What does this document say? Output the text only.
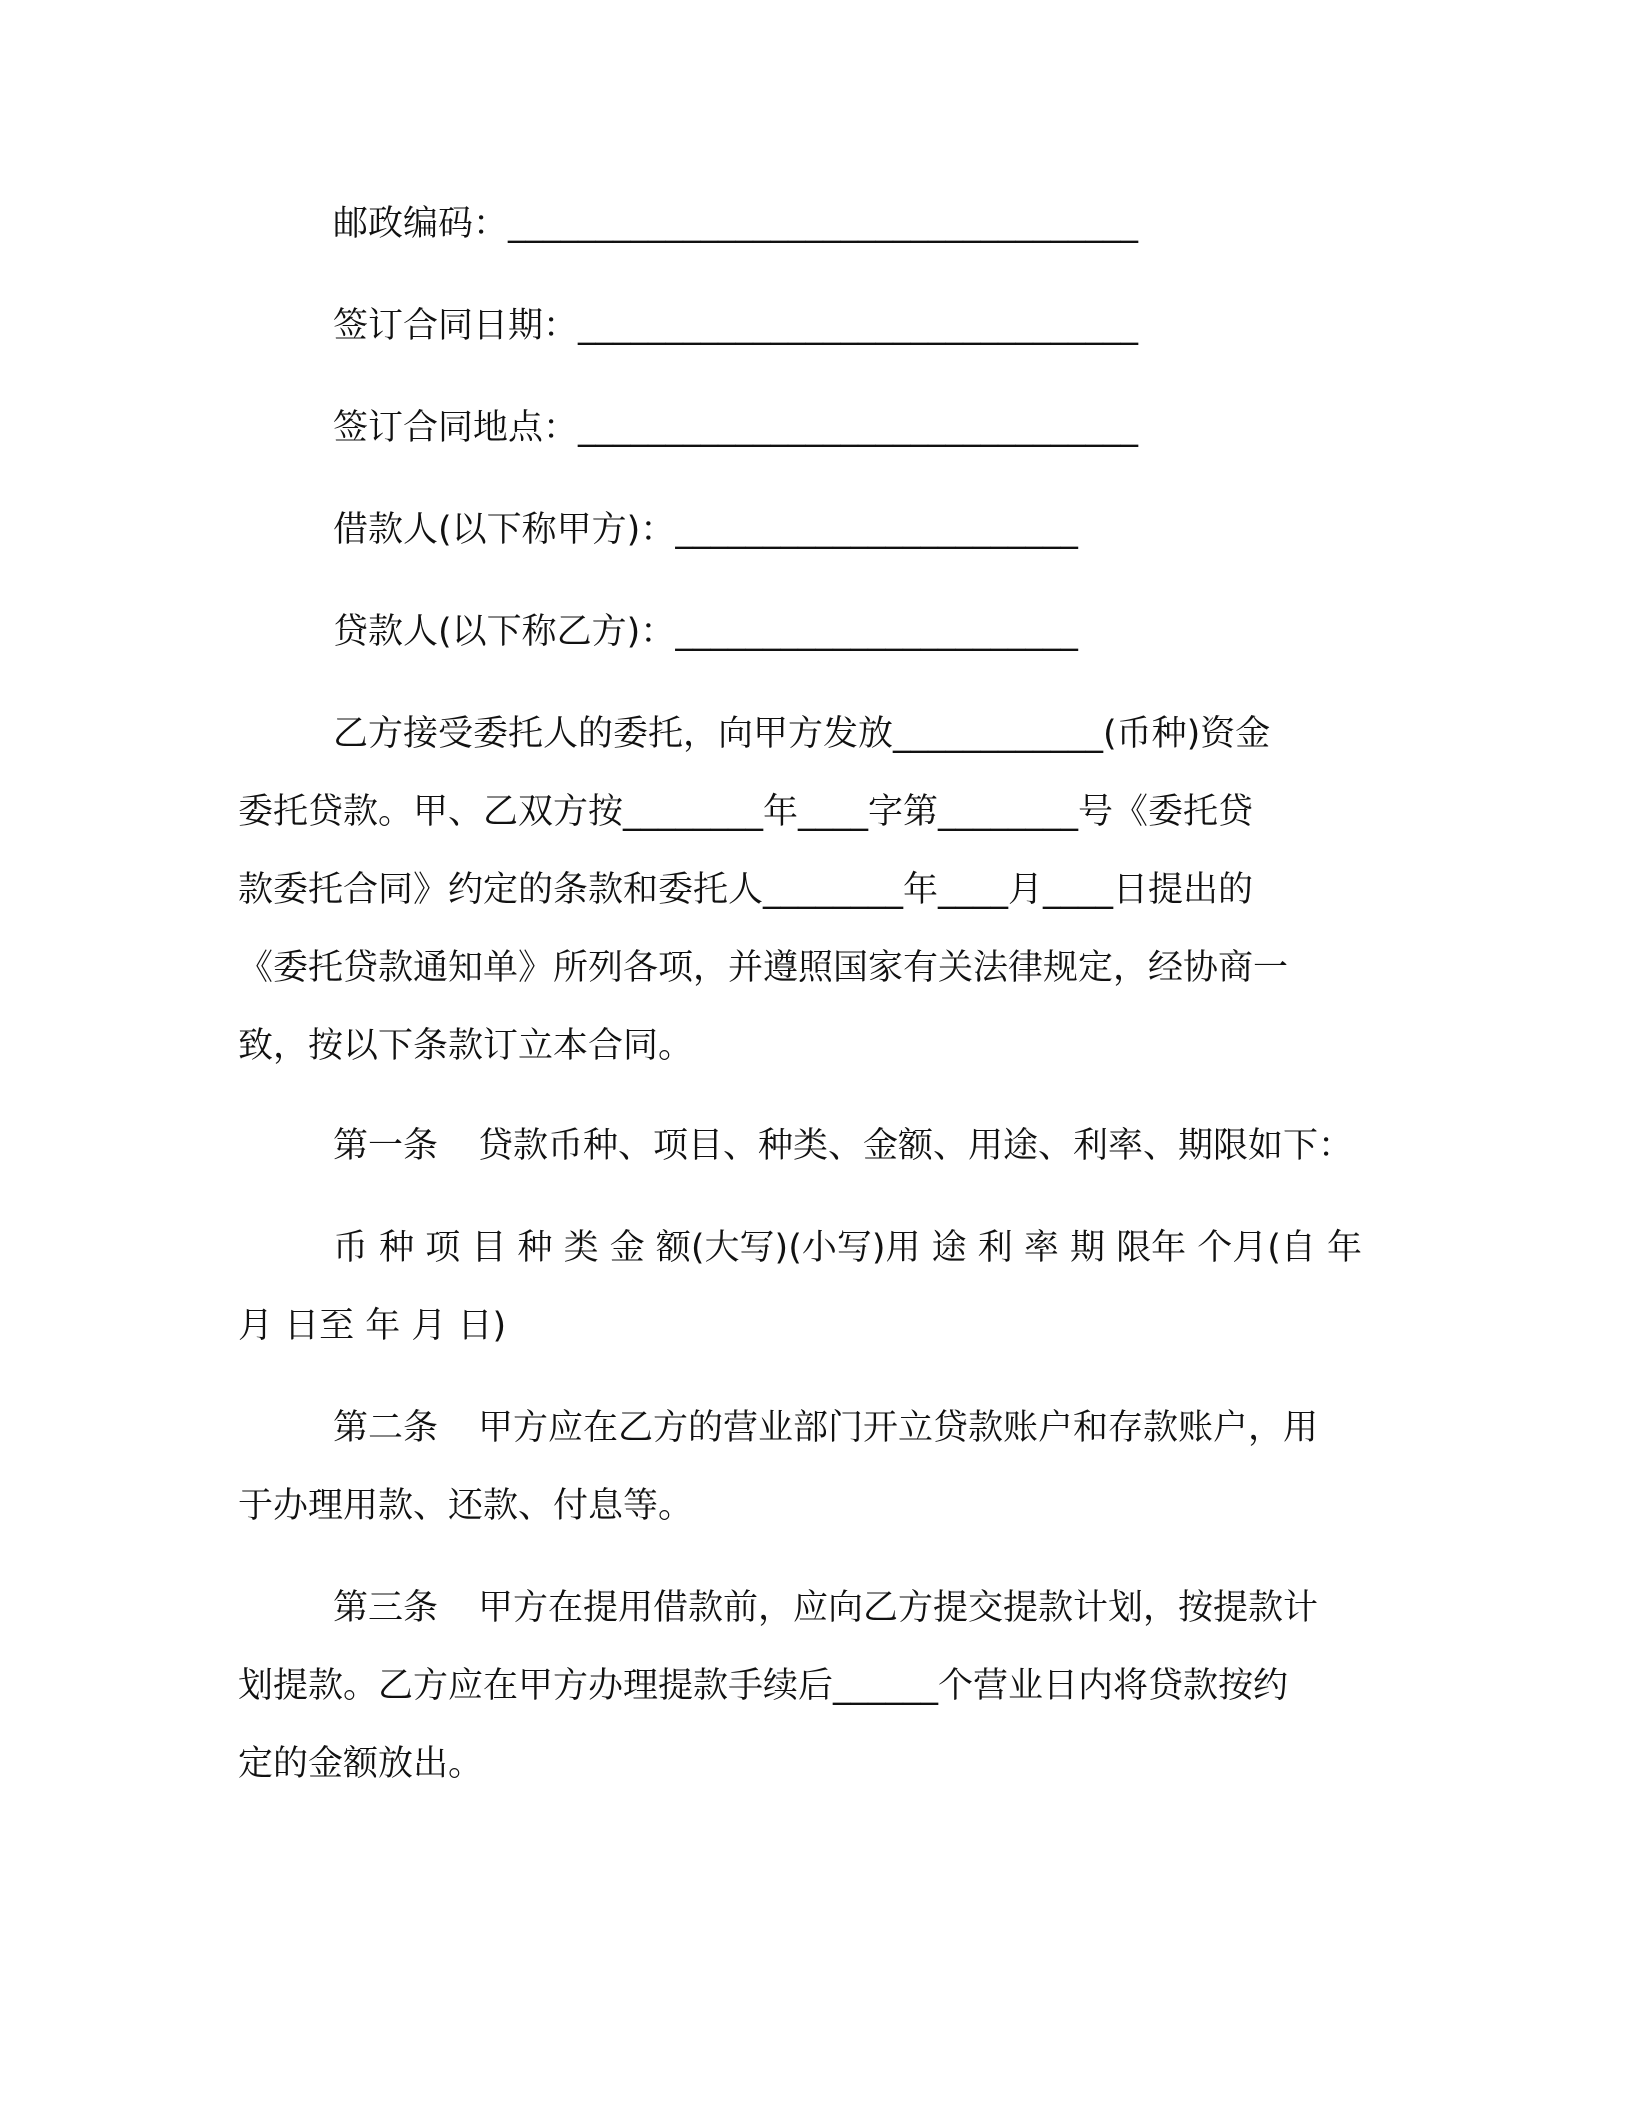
邮政编码：____________________________________
签订合同日期：________________________________
签订合同地点：________________________________
借款人(以下称甲方)：_______________________
贷款人(以下称乙方)：_______________________
乙方接受委托人的委托，向甲方发放____________(币种)资金
委托贷款。甲、乙双方按________年____字第________号《委托贷
款委托合同》约定的条款和委托人________年____月____日提出的
《委托贷款通知单》所列各项，并遵照国家有关法律规定，经协商一
致，按以下条款订立本合同。
第一条 贷款币种、项目、种类、金额、用途、利率、期限如下：
币 种 项 目 种 类 金 额(大写)(小写)用 途 利 率 期 限年 个月(自 年
月 日至 年 月 日)
第二条 甲方应在乙方的营业部门开立贷款账户和存款账户，用
于办理用款、还款、付息等。
第三条 甲方在提用借款前，应向乙方提交提款计划，按提款计
划提款。乙方应在甲方办理提款手续后______个营业日内将贷款按约
定的金额放出。
